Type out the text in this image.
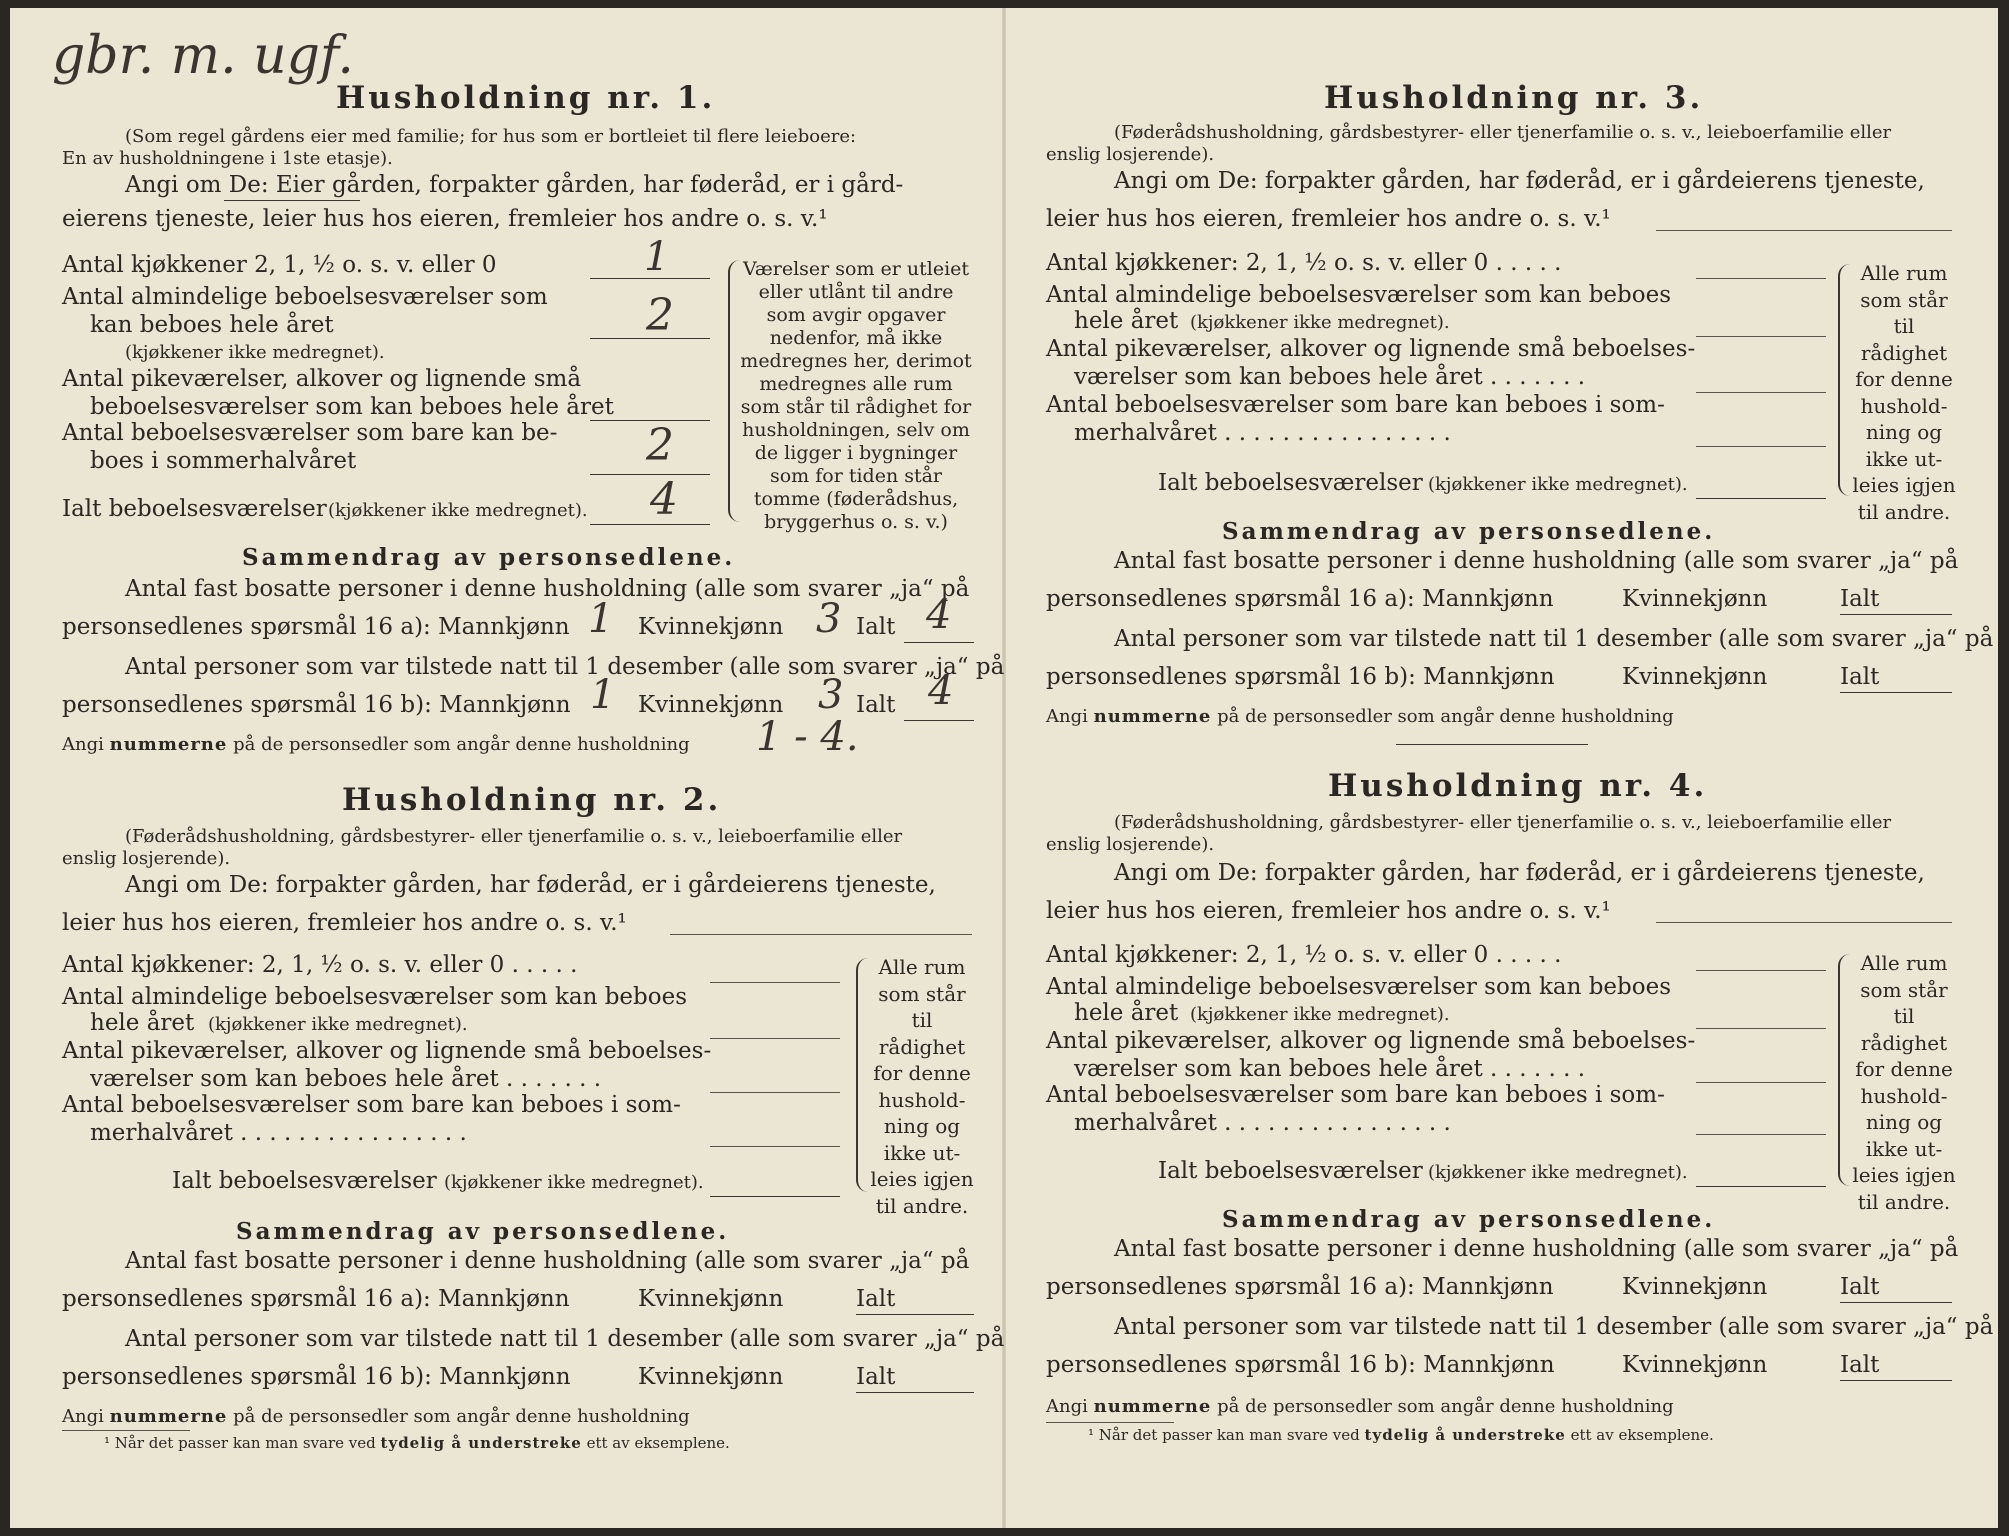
gbr. m. ugf.
Husholdning nr. 1.
(Som regel gårdens eier med familie; for hus som er bortleiet til flere leieboere:
En av husholdningene i 1ste etasje).
Angi om De: Eier gården, forpakter gården, har føderåd, er i gård-
eierens tjeneste, leier hus hos eieren, fremleier hos andre o. s. v.¹
Antal kjøkkener 2, 1, ½ o. s. v. eller 0	1
Antal almindelige beboelsesværelser som
kan beboes hele året	2
(kjøkkener ikke medregnet).
Antal pikeværelser, alkover og lignende små
beboelsesværelser som kan beboes hele året
Antal beboelsesværelser som bare kan be-
boes i sommerhalvåret	2
Ialt beboelsesværelser (kjøkkener ikke medregnet). 4
Værelser som er utleiet eller utlånt til andre som avgir opgaver nedenfor, må ikke medregnes her, derimot medregnes alle rum som står til rådighet for husholdningen, selv om de ligger i bygninger som for tiden står tomme (føderådshus, bryggerhus o. s. v.)
Sammendrag av personsedlene.
Antal fast bosatte personer i denne husholdning (alle som svarer „ja“ på
personsedlenes spørsmål 16 a): Mannkjønn 1 Kvinnekjønn 3 Ialt 4
Antal personer som var tilstede natt til 1 desember (alle som svarer „ja“ på
personsedlenes spørsmål 16 b): Mannkjønn 1 Kvinnekjønn 3 Ialt 4
Angi nummerne på de personsedler som angår denne husholdning 1 - 4.
Husholdning nr. 2.
(Føderådshusholdning, gårdsbestyrer- eller tjenerfamilie o. s. v., leieboerfamilie eller
enslig losjerende).
Angi om De: forpakter gården, har føderåd, er i gårdeierens tjeneste,
leier hus hos eieren, fremleier hos andre o. s. v.¹
Antal kjøkkener: 2, 1, ½ o. s. v. eller 0 . . . . .
Antal almindelige beboelsesværelser som kan beboes
hele året (kjøkkener ikke medregnet).
Antal pikeværelser, alkover og lignende små beboelses-
værelser som kan beboes hele året . . . . . . .
Antal beboelsesværelser som bare kan beboes i som-
merhalvåret . . . . . . . . . . . . . . . .
Ialt beboelsesværelser (kjøkkener ikke medregnet).
Alle rum som står til rådighet for denne hushold- ning og ikke ut- leies igjen til andre.
Sammendrag av personsedlene.
Antal fast bosatte personer i denne husholdning (alle som svarer „ja“ på
personsedlenes spørsmål 16 a): Mannkjønn	Kvinnekjønn	Ialt
Antal personer som var tilstede natt til 1 desember (alle som svarer „ja“ på
personsedlenes spørsmål 16 b): Mannkjønn	Kvinnekjønn	Ialt
Angi nummerne på de personsedler som angår denne husholdning
¹ Når det passer kan man svare ved tydelig å understreke ett av eksemplene.
Husholdning nr. 3.
(Føderådshusholdning, gårdsbestyrer- eller tjenerfamilie o. s. v., leieboerfamilie eller
enslig losjerende).
Angi om De: forpakter gården, har føderåd, er i gårdeierens tjeneste,
leier hus hos eieren, fremleier hos andre o. s. v.¹
Antal kjøkkener: 2, 1, ½ o. s. v. eller 0 . . . . .
Antal almindelige beboelsesværelser som kan beboes
hele året (kjøkkener ikke medregnet).
Antal pikeværelser, alkover og lignende små beboelses-
værelser som kan beboes hele året . . . . . . .
Antal beboelsesværelser som bare kan beboes i som-
merhalvåret . . . . . . . . . . . . . . . .
Ialt beboelsesværelser (kjøkkener ikke medregnet).
Alle rum som står til rådighet for denne hushold- ning og ikke ut- leies igjen til andre.
Sammendrag av personsedlene.
Antal fast bosatte personer i denne husholdning (alle som svarer „ja“ på
personsedlenes spørsmål 16 a): Mannkjønn	Kvinnekjønn	Ialt
Antal personer som var tilstede natt til 1 desember (alle som svarer „ja“ på
personsedlenes spørsmål 16 b): Mannkjønn	Kvinnekjønn	Ialt
Angi nummerne på de personsedler som angår denne husholdning
Husholdning nr. 4.
(Føderådshusholdning, gårdsbestyrer- eller tjenerfamilie o. s. v., leieboerfamilie eller
enslig losjerende).
Angi om De: forpakter gården, har føderåd, er i gårdeierens tjeneste,
leier hus hos eieren, fremleier hos andre o. s. v.¹
Antal kjøkkener: 2, 1, ½ o. s. v. eller 0 . . . . .
Antal almindelige beboelsesværelser som kan beboes
hele året (kjøkkener ikke medregnet).
Antal pikeværelser, alkover og lignende små beboelses-
værelser som kan beboes hele året . . . . . . .
Antal beboelsesværelser som bare kan beboes i som-
merhalvåret . . . . . . . . . . . . . . . .
Ialt beboelsesværelser (kjøkkener ikke medregnet).
Alle rum som står til rådighet for denne hushold- ning og ikke ut- leies igjen til andre.
Sammendrag av personsedlene.
Antal fast bosatte personer i denne husholdning (alle som svarer „ja“ på
personsedlenes spørsmål 16 a): Mannkjønn	Kvinnekjønn	Ialt
Antal personer som var tilstede natt til 1 desember (alle som svarer „ja“ på
personsedlenes spørsmål 16 b): Mannkjønn	Kvinnekjønn	Ialt
Angi nummerne på de personsedler som angår denne husholdning
¹ Når det passer kan man svare ved tydelig å understreke ett av eksemplene.
